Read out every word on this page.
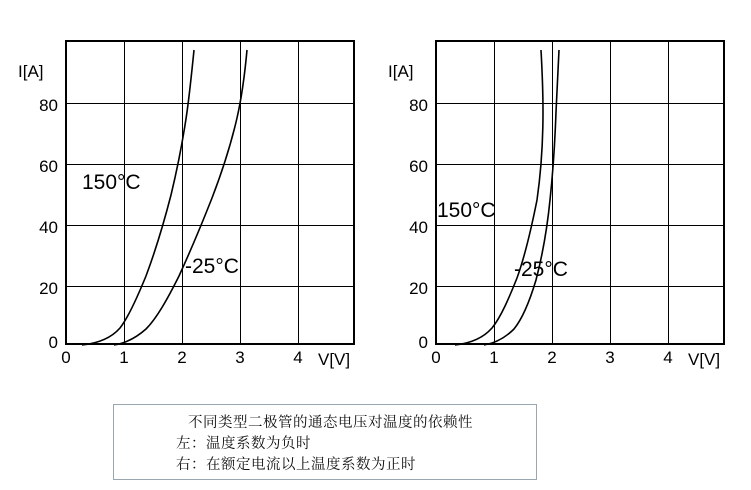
I[A]
V[V]
80
60
40
20
0
0	1	2	3	4
150°C
-25°C
I[A]
V[V]
80
60
40
20
0
0	1	2	3	4
150°C
-25°C
不同类型二极管的通态电压对温度的依赖性
左：温度系数为负时
右：在额定电流以上温度系数为正时
